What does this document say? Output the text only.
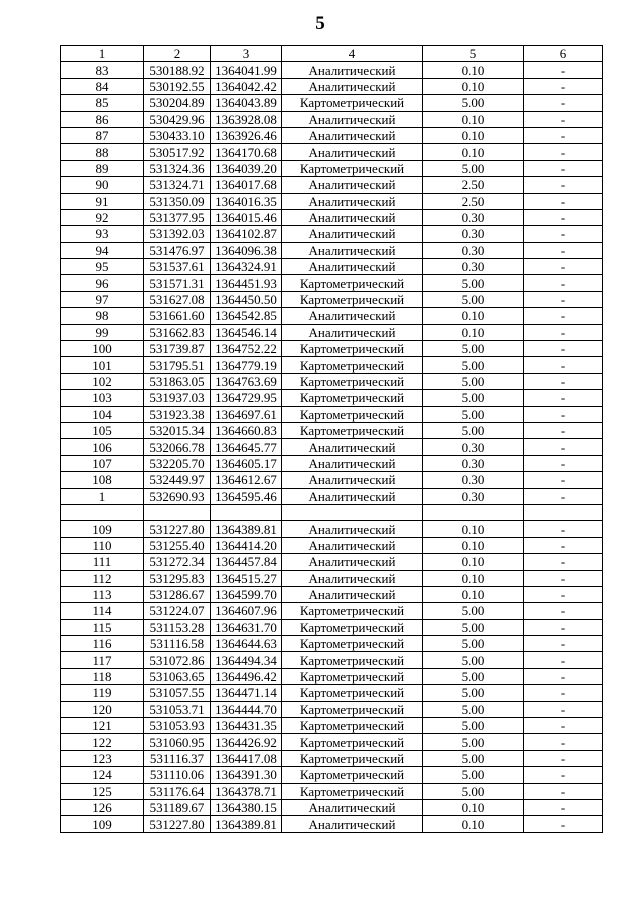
5
1	2	3	4	5	6
83	530188.92	1364041.99	Аналитический	0.10	-
84	530192.55	1364042.42	Аналитический	0.10	-
85	530204.89	1364043.89	Картометрический	5.00	-
86	530429.96	1363928.08	Аналитический	0.10	-
87	530433.10	1363926.46	Аналитический	0.10	-
88	530517.92	1364170.68	Аналитический	0.10	-
89	531324.36	1364039.20	Картометрический	5.00	-
90	531324.71	1364017.68	Аналитический	2.50	-
91	531350.09	1364016.35	Аналитический	2.50	-
92	531377.95	1364015.46	Аналитический	0.30	-
93	531392.03	1364102.87	Аналитический	0.30	-
94	531476.97	1364096.38	Аналитический	0.30	-
95	531537.61	1364324.91	Аналитический	0.30	-
96	531571.31	1364451.93	Картометрический	5.00	-
97	531627.08	1364450.50	Картометрический	5.00	-
98	531661.60	1364542.85	Аналитический	0.10	-
99	531662.83	1364546.14	Аналитический	0.10	-
100	531739.87	1364752.22	Картометрический	5.00	-
101	531795.51	1364779.19	Картометрический	5.00	-
102	531863.05	1364763.69	Картометрический	5.00	-
103	531937.03	1364729.95	Картометрический	5.00	-
104	531923.38	1364697.61	Картометрический	5.00	-
105	532015.34	1364660.83	Картометрический	5.00	-
106	532066.78	1364645.77	Аналитический	0.30	-
107	532205.70	1364605.17	Аналитический	0.30	-
108	532449.97	1364612.67	Аналитический	0.30	-
1	532690.93	1364595.46	Аналитический	0.30	-

109	531227.80	1364389.81	Аналитический	0.10	-
110	531255.40	1364414.20	Аналитический	0.10	-
111	531272.34	1364457.84	Аналитический	0.10	-
112	531295.83	1364515.27	Аналитический	0.10	-
113	531286.67	1364599.70	Аналитический	0.10	-
114	531224.07	1364607.96	Картометрический	5.00	-
115	531153.28	1364631.70	Картометрический	5.00	-
116	531116.58	1364644.63	Картометрический	5.00	-
117	531072.86	1364494.34	Картометрический	5.00	-
118	531063.65	1364496.42	Картометрический	5.00	-
119	531057.55	1364471.14	Картометрический	5.00	-
120	531053.71	1364444.70	Картометрический	5.00	-
121	531053.93	1364431.35	Картометрический	5.00	-
122	531060.95	1364426.92	Картометрический	5.00	-
123	531116.37	1364417.08	Картометрический	5.00	-
124	531110.06	1364391.30	Картометрический	5.00	-
125	531176.64	1364378.71	Картометрический	5.00	-
126	531189.67	1364380.15	Аналитический	0.10	-
109	531227.80	1364389.81	Аналитический	0.10	-
